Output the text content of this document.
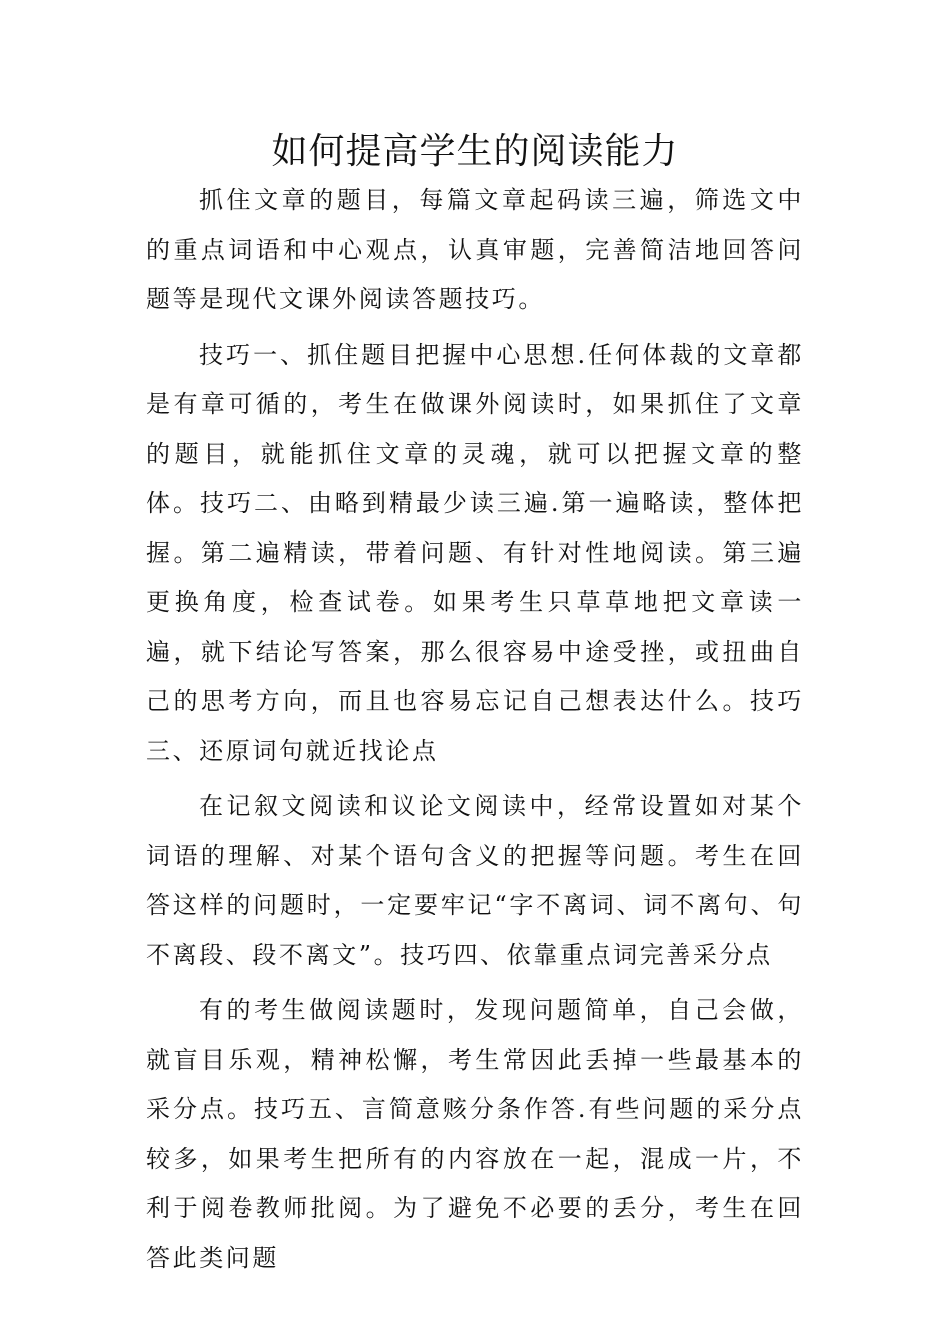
如何提高学生的阅读能力

抓住文章的题目，每篇文章起码读三遍，筛选文中的重点词语和中心观点，认真审题，完善简洁地回答问题等是现代文课外阅读答题技巧。

技巧一、抓住题目把握中心思想.任何体裁的文章都是有章可循的，考生在做课外阅读时，如果抓住了文章的题目，就能抓住文章的灵魂，就可以把握文章的整体。技巧二、由略到精最少读三遍.第一遍略读，整体把握。第二遍精读，带着问题、有针对性地阅读。第三遍更换角度，检查试卷。如果考生只草草地把文章读一遍，就下结论写答案，那么很容易中途受挫，或扭曲自己的思考方向，而且也容易忘记自己想表达什么。技巧三、还原词句就近找论点

在记叙文阅读和议论文阅读中，经常设置如对某个词语的理解、对某个语句含义的把握等问题。考生在回答这样的问题时，一定要牢记“字不离词、词不离句、句不离段、段不离文”。技巧四、依靠重点词完善采分点

有的考生做阅读题时，发现问题简单，自己会做，就盲目乐观，精神松懈，考生常因此丢掉一些最基本的采分点。技巧五、言简意赅分条作答.有些问题的采分点较多，如果考生把所有的内容放在一起，混成一片，不利于阅卷教师批阅。为了避免不必要的丢分，考生在回答此类问题
